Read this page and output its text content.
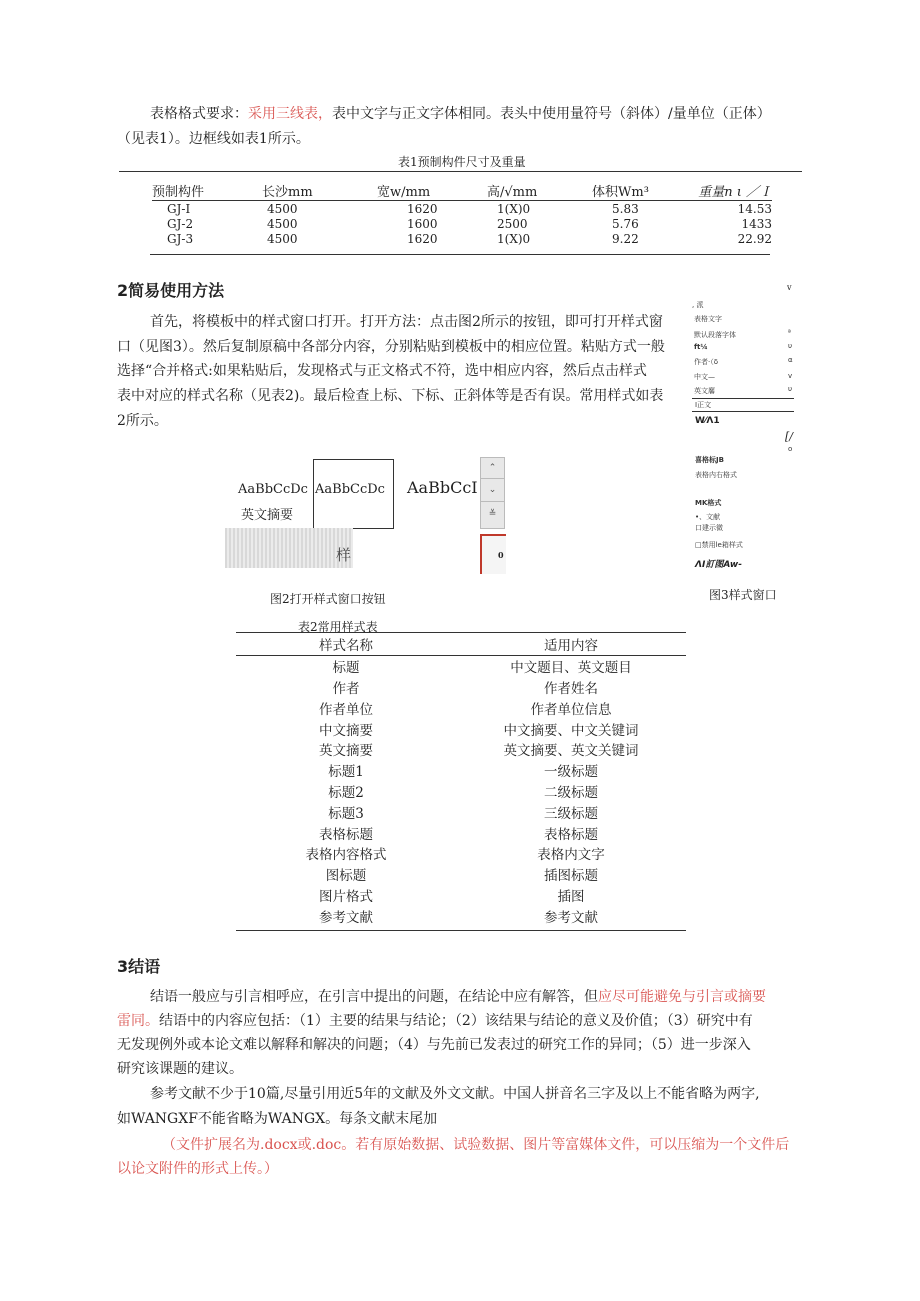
表格格式要求：采用三线表，表中文字与正文字体相同。表头中使用量符号（斜体）/量单位（正体）
（见表1）。边框线如表1所示。
表1预制构件尺寸及重量
预制构件	长沙mm	宽w/mm	高∕√mm	体积Wm³	重量n ι ／Ｉ
GJ-I	4500	1620	1(X)0	5.83	14.53
GJ-2	4500	1600	2500	5.76	1433
GJ-3	4500	1620	1(X)0	9.22	22.92
2简易使用方法
首先，将模板中的样式窗口打开。打开方法：点击图2所示的按钮，即可打开样式窗
口（见图3）。然后复制原稿中各部分内容，分别粘贴到模板中的相应位置。粘贴方式一般
选择“合并格式:如果粘贴后，发现格式与正文格式不符，选中相应内容，然后点击样式
表中对应的样式名称（见表2)。最后检查上标、下标、正斜体等是否有误。常用样式如表
2所示。
AaBbCcDc
英文摘要
AaBbCcDc AaBbCcI
样
⌃
⌄
≚
0
图2打开样式窗口按钮
v
, 派
表格文字
默认段落字体	ª
ft¼	υ
作者·（δ	α
中文—	v
英文黁	υ
I正文
W⁄Λ1
[/
o
喜格标JB
表格内右格式
MK格式
•、文献
口建示微
□禁用le箱样式
ΛI訂图Aw-
图3样式窗口
表2常用样式表
样式名称	适用内容
标题	中文题目、英文题目
作者	作者姓名
作者单位	作者单位信息
中文摘要	中文摘要、中文关键词
英文摘要	英文摘要、英文关键词
标题1	一级标题
标题2	二级标题
标题3	三级标题
表格标题	表格标题
表格内容格式	表格内文字
图标题	插图标题
图片格式	插图
参考文献	参考文献
3结语
结语一般应与引言相呼应，在引言中提出的问题，在结论中应有解答，但应尽可能避免与引言或摘要
雷同。结语中的内容应包括：（1）主要的结果与结论；（2）该结果与结论的意义及价值；（3）研究中有
无发现例外或本论文难以解释和解决的问题；（4）与先前已发表过的研究工作的异同；（5）进一步深入
研究该课题的建议。
参考文献不少于10篇,尽量引用近5年的文献及外文文献。中国人拼音名三字及以上不能省略为两字,
如WANGXF不能省略为WANGX。每条文献末尾加
（文件扩展名为.docx或.doc。若有原始数据、试验数据、图片等富媒体文件，可以压缩为一个文件后
以论文附件的形式上传。）
